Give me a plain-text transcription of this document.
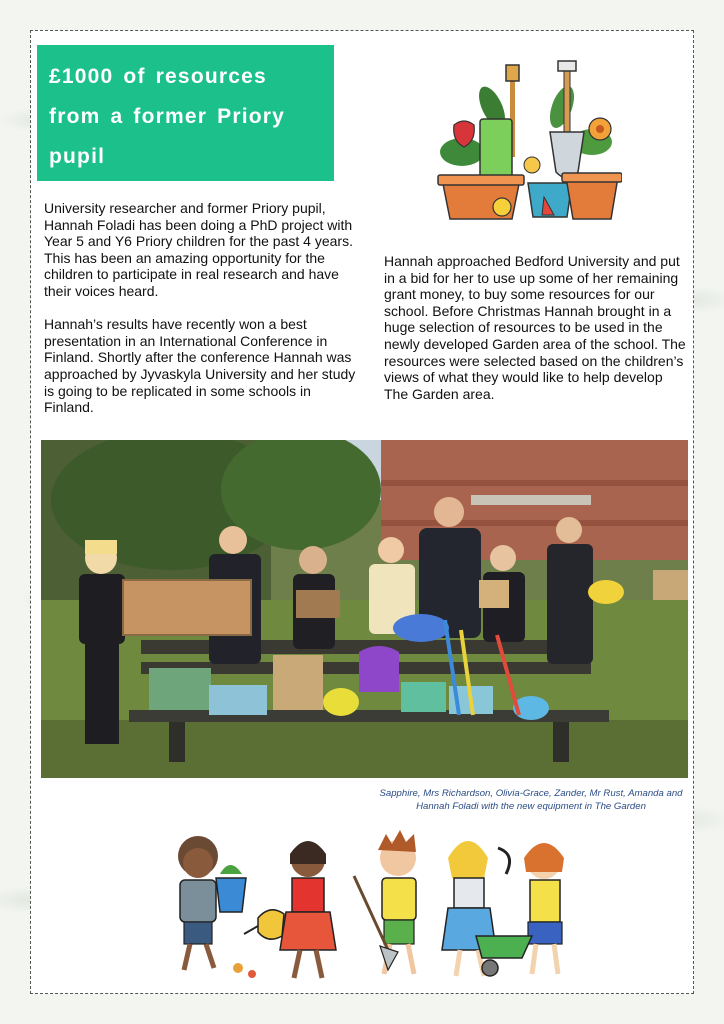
£1000 of resources from a former Priory pupil

University researcher and former Priory pupil, Hannah Foladi has been doing a PhD project with Year 5 and Y6 Priory children for the past 4 years. This has been an amazing opportunity for the children to participate in real research and have their voices heard.

Hannah’s results have recently won a best presentation in an International Conference in Finland. Shortly after the conference Hannah was approached by Jyvaskyla University and her study is going to be replicated in some schools in Finland.

Hannah approached Bedford University and put in a bid for her to use up some of her remaining grant money, to buy some resources for our school. Before Christmas Hannah brought in a huge selection of resources to be used in the newly developed Garden area of the school. The resources were selected based on the children’s views of what they would like to help develop The Garden area.

Sapphire, Mrs Richardson, Olivia-Grace, Zander, Mr Rust, Amanda and Hannah Foladi with the new equipment in The Garden
